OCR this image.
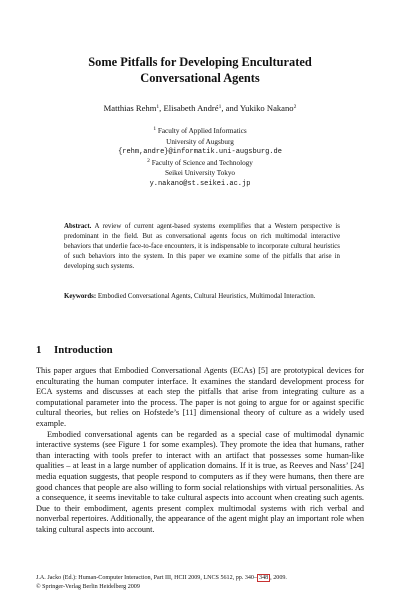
Some Pitfalls for Developing Enculturated
Conversational Agents
Matthias Rehm$^1$, Elisabeth André$^1$, and Yukiko Nakano$^2$
$^1$ Faculty of Applied Informatics
University of Augsburg
{rehm,andre}@informatik.uni-augsburg.de
$^2$ Faculty of Science and Technology
Seikei University Tokyo
y.nakano@st.seikei.ac.jp

Abstract. A review of current agent-based systems exemplifies that a Western perspective is predominant in the field. But as conversational agents focus on rich multimodal interactive behaviors that underlie face-to-face encounters, it is indispensable to incorporate cultural heuristics of such behaviors into the system. In this paper we examine some of the pitfalls that arise in developing such systems.

Keywords: Embodied Conversational Agents, Cultural Heuristics, Multimodal Interaction.

1 Introduction

This paper argues that Embodied Conversational Agents (ECAs) [5] are prototypical devices for enculturating the human computer interface. It examines the standard development process for ECA systems and discusses at each step the pitfalls that arise from integrating culture as a computational parameter into the process. The paper is not going to argue for or against specific cultural theories, but relies on Hofstede’s [11] dimensional theory of culture as a widely used example.

Embodied conversational agents can be regarded as a special case of multimodal dynamic interactive systems (see Figure 1 for some examples). They promote the idea that humans, rather than interacting with tools prefer to interact with an artifact that possesses some human-like qualities – at least in a large number of application domains. If it is true, as Reeves and Nass’ [24] media equation suggests, that people respond to computers as if they were humans, then there are good chances that people are also willing to form social relationships with virtual personalities. As a consequence, it seems inevitable to take cultural aspects into account when creating such agents. Due to their embodiment, agents present complex multimodal systems with rich verbal and nonverbal repertoires. Additionally, the appearance of the agent might play an important role when taking cultural aspects into account.

J.A. Jacko (Ed.): Human-Computer Interaction, Part III, HCII 2009, LNCS 5612, pp. 340– 348 , 2009.
© Springer-Verlag Berlin Heidelberg 2009
